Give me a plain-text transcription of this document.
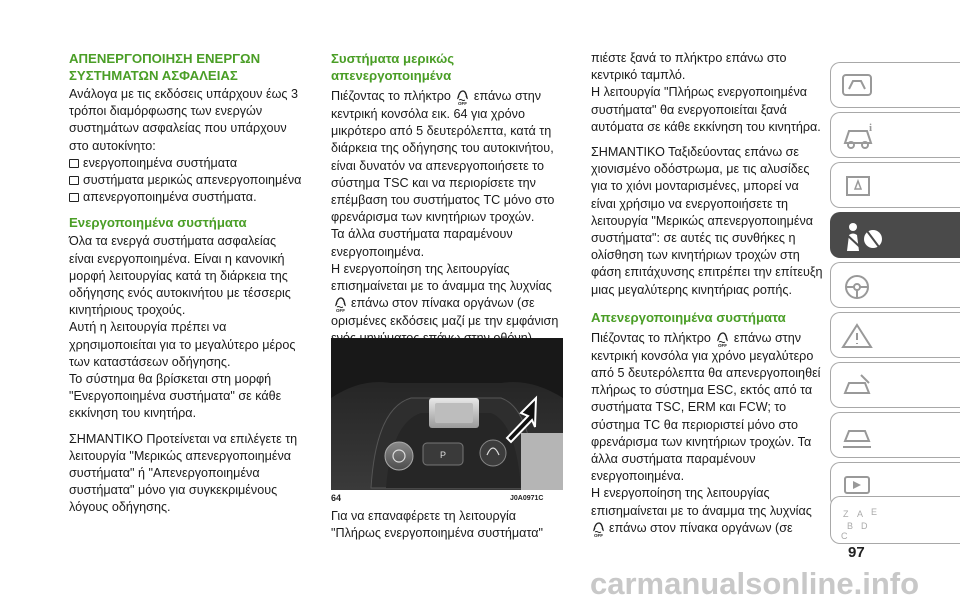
ΑΠΕΝΕΡΓΟΠΟΙΗΣΗ ΕΝΕΡΓΩΝ

ΣΥΣΤΗΜΑΤΩΝ ΑΣΦΑΛΕΙΑΣ

Ανάλογα με τις εκδόσεις υπάρχουν έως 3 τρόποι διαμόρφωσης των ενεργών συστημάτων ασφαλείας που υπάρχουν στο αυτοκίνητο:

ενεργοποιημένα συστήματα

συστήματα μερικώς απενεργοποιημένα

απενεργοποιημένα συστήματα.

Ενεργοποιημένα συστήματα

Όλα τα ενεργά συστήματα ασφαλείας είναι ενεργοποιημένα. Είναι η κανονική μορφή λειτουργίας κατά τη διάρκεια της οδήγησης ενός αυτοκινήτου με τέσσερις κινητήριους τροχούς.

Αυτή η λειτουργία πρέπει να χρησιμοποιείται για το μεγαλύτερο μέρος των καταστάσεων οδήγησης.

Το σύστημα θα βρίσκεται στη μορφή "Ενεργοποιημένα συστήματα" σε κάθε εκκίνηση του κινητήρα.

ΣΗΜΑΝΤΙΚΟ Προτείνεται να επιλέγετε τη λειτουργία "Μερικώς απενεργοποιημένα συστήματα" ή "Απενεργοποιημένα συστήματα" μόνο για συγκεκριμένους λόγους οδήγησης.

Συστήματα μερικώς απενεργοποιημένα

Πιέζοντας το πλήκτρο
OFF
επάνω στην κεντρική κονσόλα εικ. 64 για χρόνο μικρότερο από 5 δευτερόλεπτα, κατά τη διάρκεια της οδήγησης του αυτοκινήτου, είναι δυνατόν να απενεργοποιήσετε το σύστημα TSC και να περιορίσετε την επέμβαση του συστήματος TC μόνο στο φρενάρισμα των κινητήριων τροχών.

Τα άλλα συστήματα παραμένουν ενεργοποιημένα.

Η ενεργοποίηση της λειτουργίας επισημαίνεται με το άναμμα της λυχνίας
OFF
επάνω στον πίνακα οργάνων (σε ορισμένες εκδόσεις μαζί με την εμφάνιση

P
64	J0A0971C

Για να επαναφέρετε τη λειτουργία "Πλήρως ενεργοποιημένα συστήματα"

πιέστε ξανά το πλήκτρο επάνω στο κεντρικό ταμπλό.

Η λειτουργία "Πλήρως ενεργοποιημένα συστήματα" θα ενεργοποιείται ξανά αυτόματα σε κάθε εκκίνηση του κινητήρα.

ΣΗΜΑΝΤΙΚΟ Ταξιδεύοντας επάνω σε χιονισμένο οδόστρωμα, με τις αλυσίδες για το χιόνι μονταρισμένες, μπορεί να είναι χρήσιμο να ενεργοποιήσετε τη λειτουργία "Μερικώς απενεργοποιημένα συστήματα": σε αυτές τις συνθήκες η ολίσθηση των κινητήριων τροχών στη φάση επιτάχυνσης επιτρέπει την επίτευξη μιας μεγαλύτερης κινητήριας ροπής.

Απενεργοποιημένα συστήματα

Πιέζοντας το πλήκτρο
OFF
επάνω στην κεντρική κονσόλα για χρόνο μεγαλύτερο από 5 δευτερόλεπτα θα απενεργοποιηθεί πλήρως το σύστημα ESC, εκτός από τα συστήματα TSC, ERM και FCW; το σύστημα TC θα περιοριστεί μόνο στο φρενάρισμα των κινητήριων τροχών. Τα άλλα συστήματα παραμένουν ενεργοποιημένα.

Η ενεργοποίηση της λειτουργίας επισημαίνεται με το άναμμα της λυχνίας
OFF
επάνω στον πίνακα οργάνων (σε

i
Z A E
B D
C
97
carmanualsonline.info
